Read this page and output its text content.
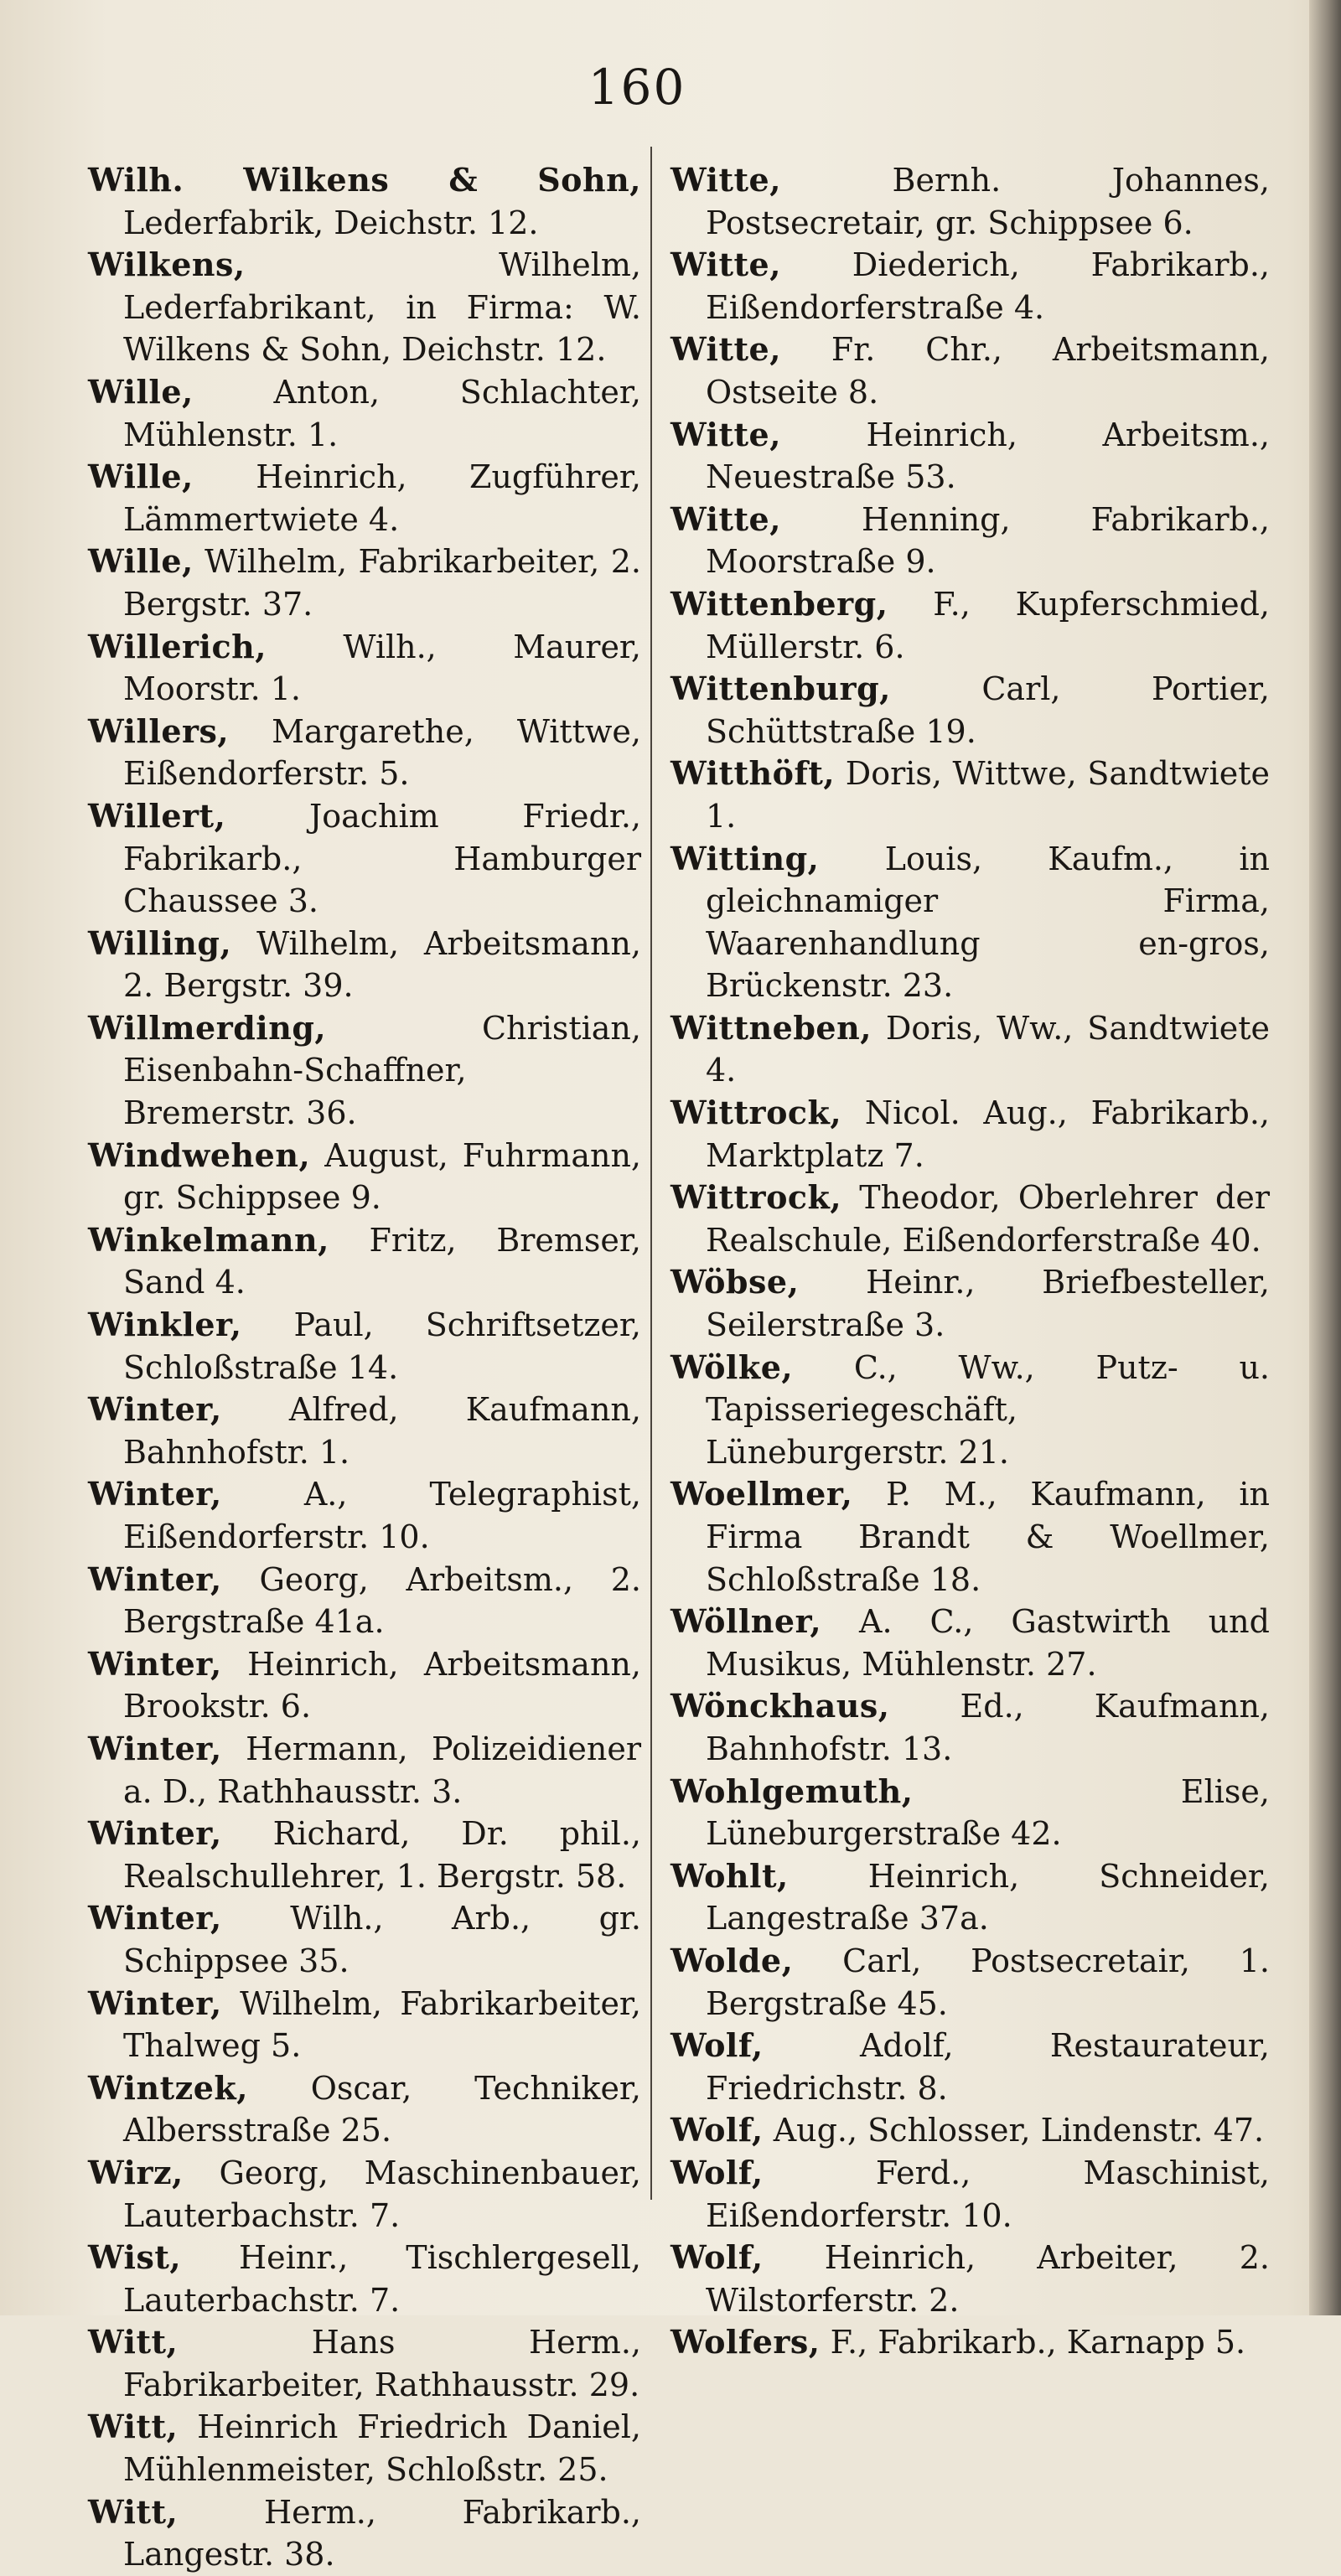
160

Wilh. Wilkens & Sohn, Lederfabrik, Deichstr. 12.

Wilkens, Wilhelm, Lederfabrikant, in Firma: W. Wilkens & Sohn, Deichstr. 12.

Wille, Anton, Schlachter, Mühlenstr. 1.

Wille, Heinrich, Zugführer, Lämmertwiete 4.

Wille, Wilhelm, Fabrikarbeiter, 2. Bergstr. 37.

Willerich, Wilh., Maurer, Moorstr. 1.

Willers, Margarethe, Wittwe, Eißendorferstr. 5.

Willert, Joachim Friedr., Fabrikarb., Hamburger Chaussee 3.

Willing, Wilhelm, Arbeitsmann, 2. Bergstr. 39.

Willmerding, Christian, Eisenbahn-Schaffner, Bremerstr. 36.

Windwehen, August, Fuhrmann, gr. Schippsee 9.

Winkelmann, Fritz, Bremser, Sand 4.

Winkler, Paul, Schriftsetzer, Schloßstraße 14.

Winter, Alfred, Kaufmann, Bahnhofstr. 1.

Winter, A., Telegraphist, Eißendorferstr. 10.

Winter, Georg, Arbeitsm., 2. Bergstraße 41a.

Winter, Heinrich, Arbeitsmann, Brookstr. 6.

Winter, Hermann, Polizeidiener a. D., Rathhausstr. 3.

Winter, Richard, Dr. phil., Realschullehrer, 1. Bergstr. 58.

Winter, Wilh., Arb., gr. Schippsee 35.

Winter, Wilhelm, Fabrikarbeiter, Thalweg 5.

Wintzek, Oscar, Techniker, Albersstraße 25.

Wirz, Georg, Maschinenbauer, Lauterbachstr. 7.

Wist, Heinr., Tischlergesell, Lauterbachstr. 7.

Witt, Hans Herm., Fabrikarbeiter, Rathhausstr. 29.

Witt, Heinrich Friedrich Daniel, Mühlenmeister, Schloßstr. 25.

Witt, Herm., Fabrikarb., Langestr. 38.

Witte, Bernh. Johannes, Postsecretair, gr. Schippsee 6.

Witte, Diederich, Fabrikarb., Eißendorferstraße 4.

Witte, Fr. Chr., Arbeitsmann, Ostseite 8.

Witte, Heinrich, Arbeitsm., Neuestraße 53.

Witte, Henning, Fabrikarb., Moorstraße 9.

Wittenberg, F., Kupferschmied, Müllerstr. 6.

Wittenburg, Carl, Portier, Schüttstraße 19.

Witthöft, Doris, Wittwe, Sandtwiete 1.

Witting, Louis, Kaufm., in gleichnamiger Firma, Waarenhandlung en-gros, Brückenstr. 23.

Wittneben, Doris, Ww., Sandtwiete 4.

Wittrock, Nicol. Aug., Fabrikarb., Marktplatz 7.

Wittrock, Theodor, Oberlehrer der Realschule, Eißendorferstraße 40.

Wöbse, Heinr., Briefbesteller, Seilerstraße 3.

Wölke, C., Ww., Putz- u. Tapisseriegeschäft, Lüneburgerstr. 21.

Woellmer, P. M., Kaufmann, in Firma Brandt & Woellmer, Schloßstraße 18.

Wöllner, A. C., Gastwirth und Musikus, Mühlenstr. 27.

Wönckhaus, Ed., Kaufmann, Bahnhofstr. 13.

Wohlgemuth, Elise, Lüneburgerstraße 42.

Wohlt, Heinrich, Schneider, Langestraße 37a.

Wolde, Carl, Postsecretair, 1. Bergstraße 45.

Wolf, Adolf, Restaurateur, Friedrichstr. 8.

Wolf, Aug., Schlosser, Lindenstr. 47.

Wolf, Ferd., Maschinist, Eißendorferstr. 10.

Wolf, Heinrich, Arbeiter, 2. Wilstorferstr. 2.

Wolfers, F., Fabrikarb., Karnapp 5.
